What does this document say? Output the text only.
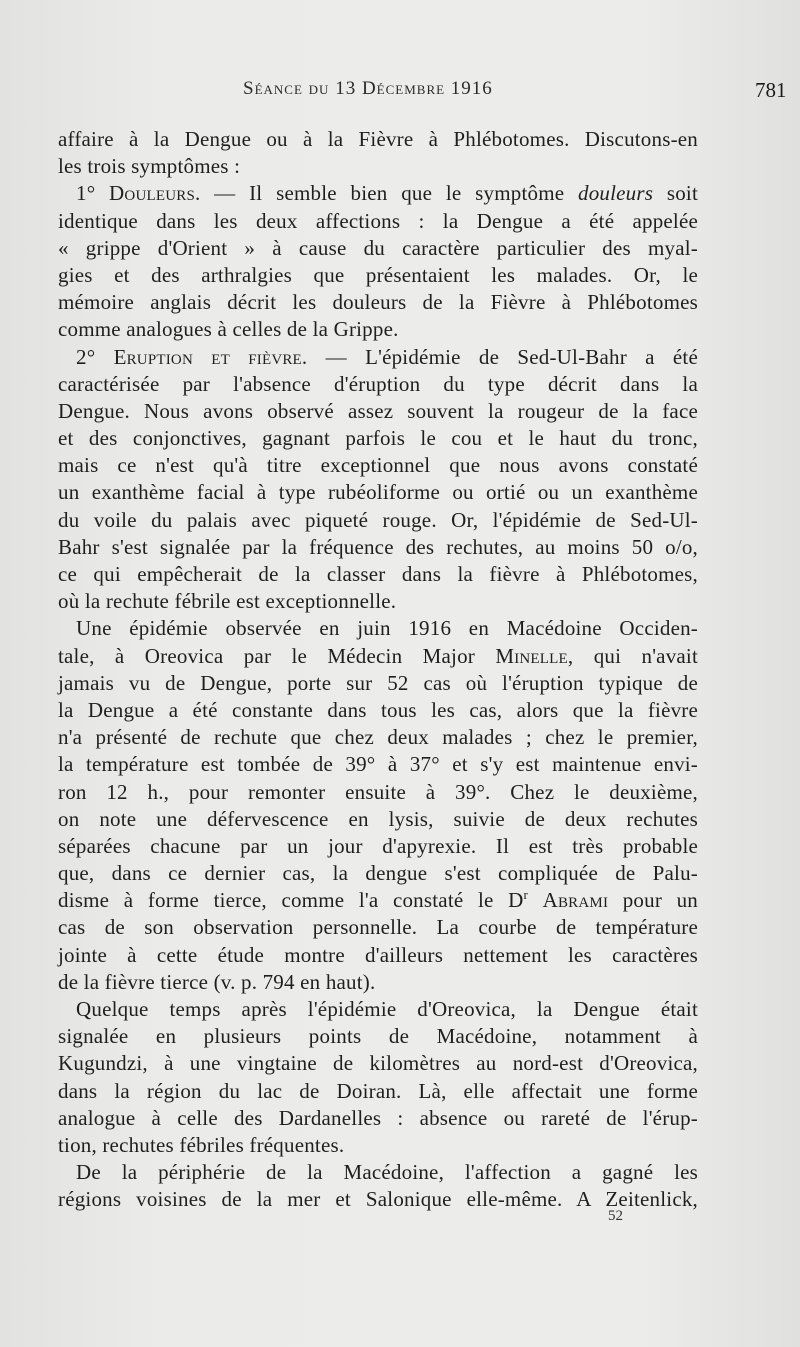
Séance du 13 Décembre 1916	781
affaire à la Dengue ou à la Fièvre à Phlébotomes. Discutons-en
les trois symptômes :
1° Douleurs. — Il semble bien que le symptôme douleurs soit
identique dans les deux affections : la Dengue a été appelée
« grippe d'Orient » à cause du caractère particulier des myal-
gies et des arthralgies que présentaient les malades. Or, le
mémoire anglais décrit les douleurs de la Fièvre à Phlébotomes
comme analogues à celles de la Grippe.
2° Eruption et fièvre. — L'épidémie de Sed-Ul-Bahr a été
caractérisée par l'absence d'éruption du type décrit dans la
Dengue. Nous avons observé assez souvent la rougeur de la face
et des conjonctives, gagnant parfois le cou et le haut du tronc,
mais ce n'est qu'à titre exceptionnel que nous avons constaté
un exanthème facial à type rubéoliforme ou ortié ou un exanthème
du voile du palais avec piqueté rouge. Or, l'épidémie de Sed-Ul-
Bahr s'est signalée par la fréquence des rechutes, au moins 50 o/o,
ce qui empêcherait de la classer dans la fièvre à Phlébotomes,
où la rechute fébrile est exceptionnelle.
Une épidémie observée en juin 1916 en Macédoine Occiden-
tale, à Oreovica par le Médecin Major Minelle, qui n'avait
jamais vu de Dengue, porte sur 52 cas où l'éruption typique de
la Dengue a été constante dans tous les cas, alors que la fièvre
n'a présenté de rechute que chez deux malades ; chez le premier,
la température est tombée de 39° à 37° et s'y est maintenue envi-
ron 12 h., pour remonter ensuite à 39°. Chez le deuxième,
on note une défervescence en lysis, suivie de deux rechutes
séparées chacune par un jour d'apyrexie. Il est très probable
que, dans ce dernier cas, la dengue s'est compliquée de Palu-
disme à forme tierce, comme l'a constaté le $D^r$ Abrami pour un
cas de son observation personnelle. La courbe de température
jointe à cette étude montre d'ailleurs nettement les caractères
de la fièvre tierce (v. p. 794 en haut).
Quelque temps après l'épidémie d'Oreovica, la Dengue était
signalée en plusieurs points de Macédoine, notamment à
Kugundzi, à une vingtaine de kilomètres au nord-est d'Oreovica,
dans la région du lac de Doiran. Là, elle affectait une forme
analogue à celle des Dardanelles : absence ou rareté de l'érup-
tion, rechutes fébriles fréquentes.
De la périphérie de la Macédoine, l'affection a gagné les
régions voisines de la mer et Salonique elle-même. A Zeitenlick,
52
